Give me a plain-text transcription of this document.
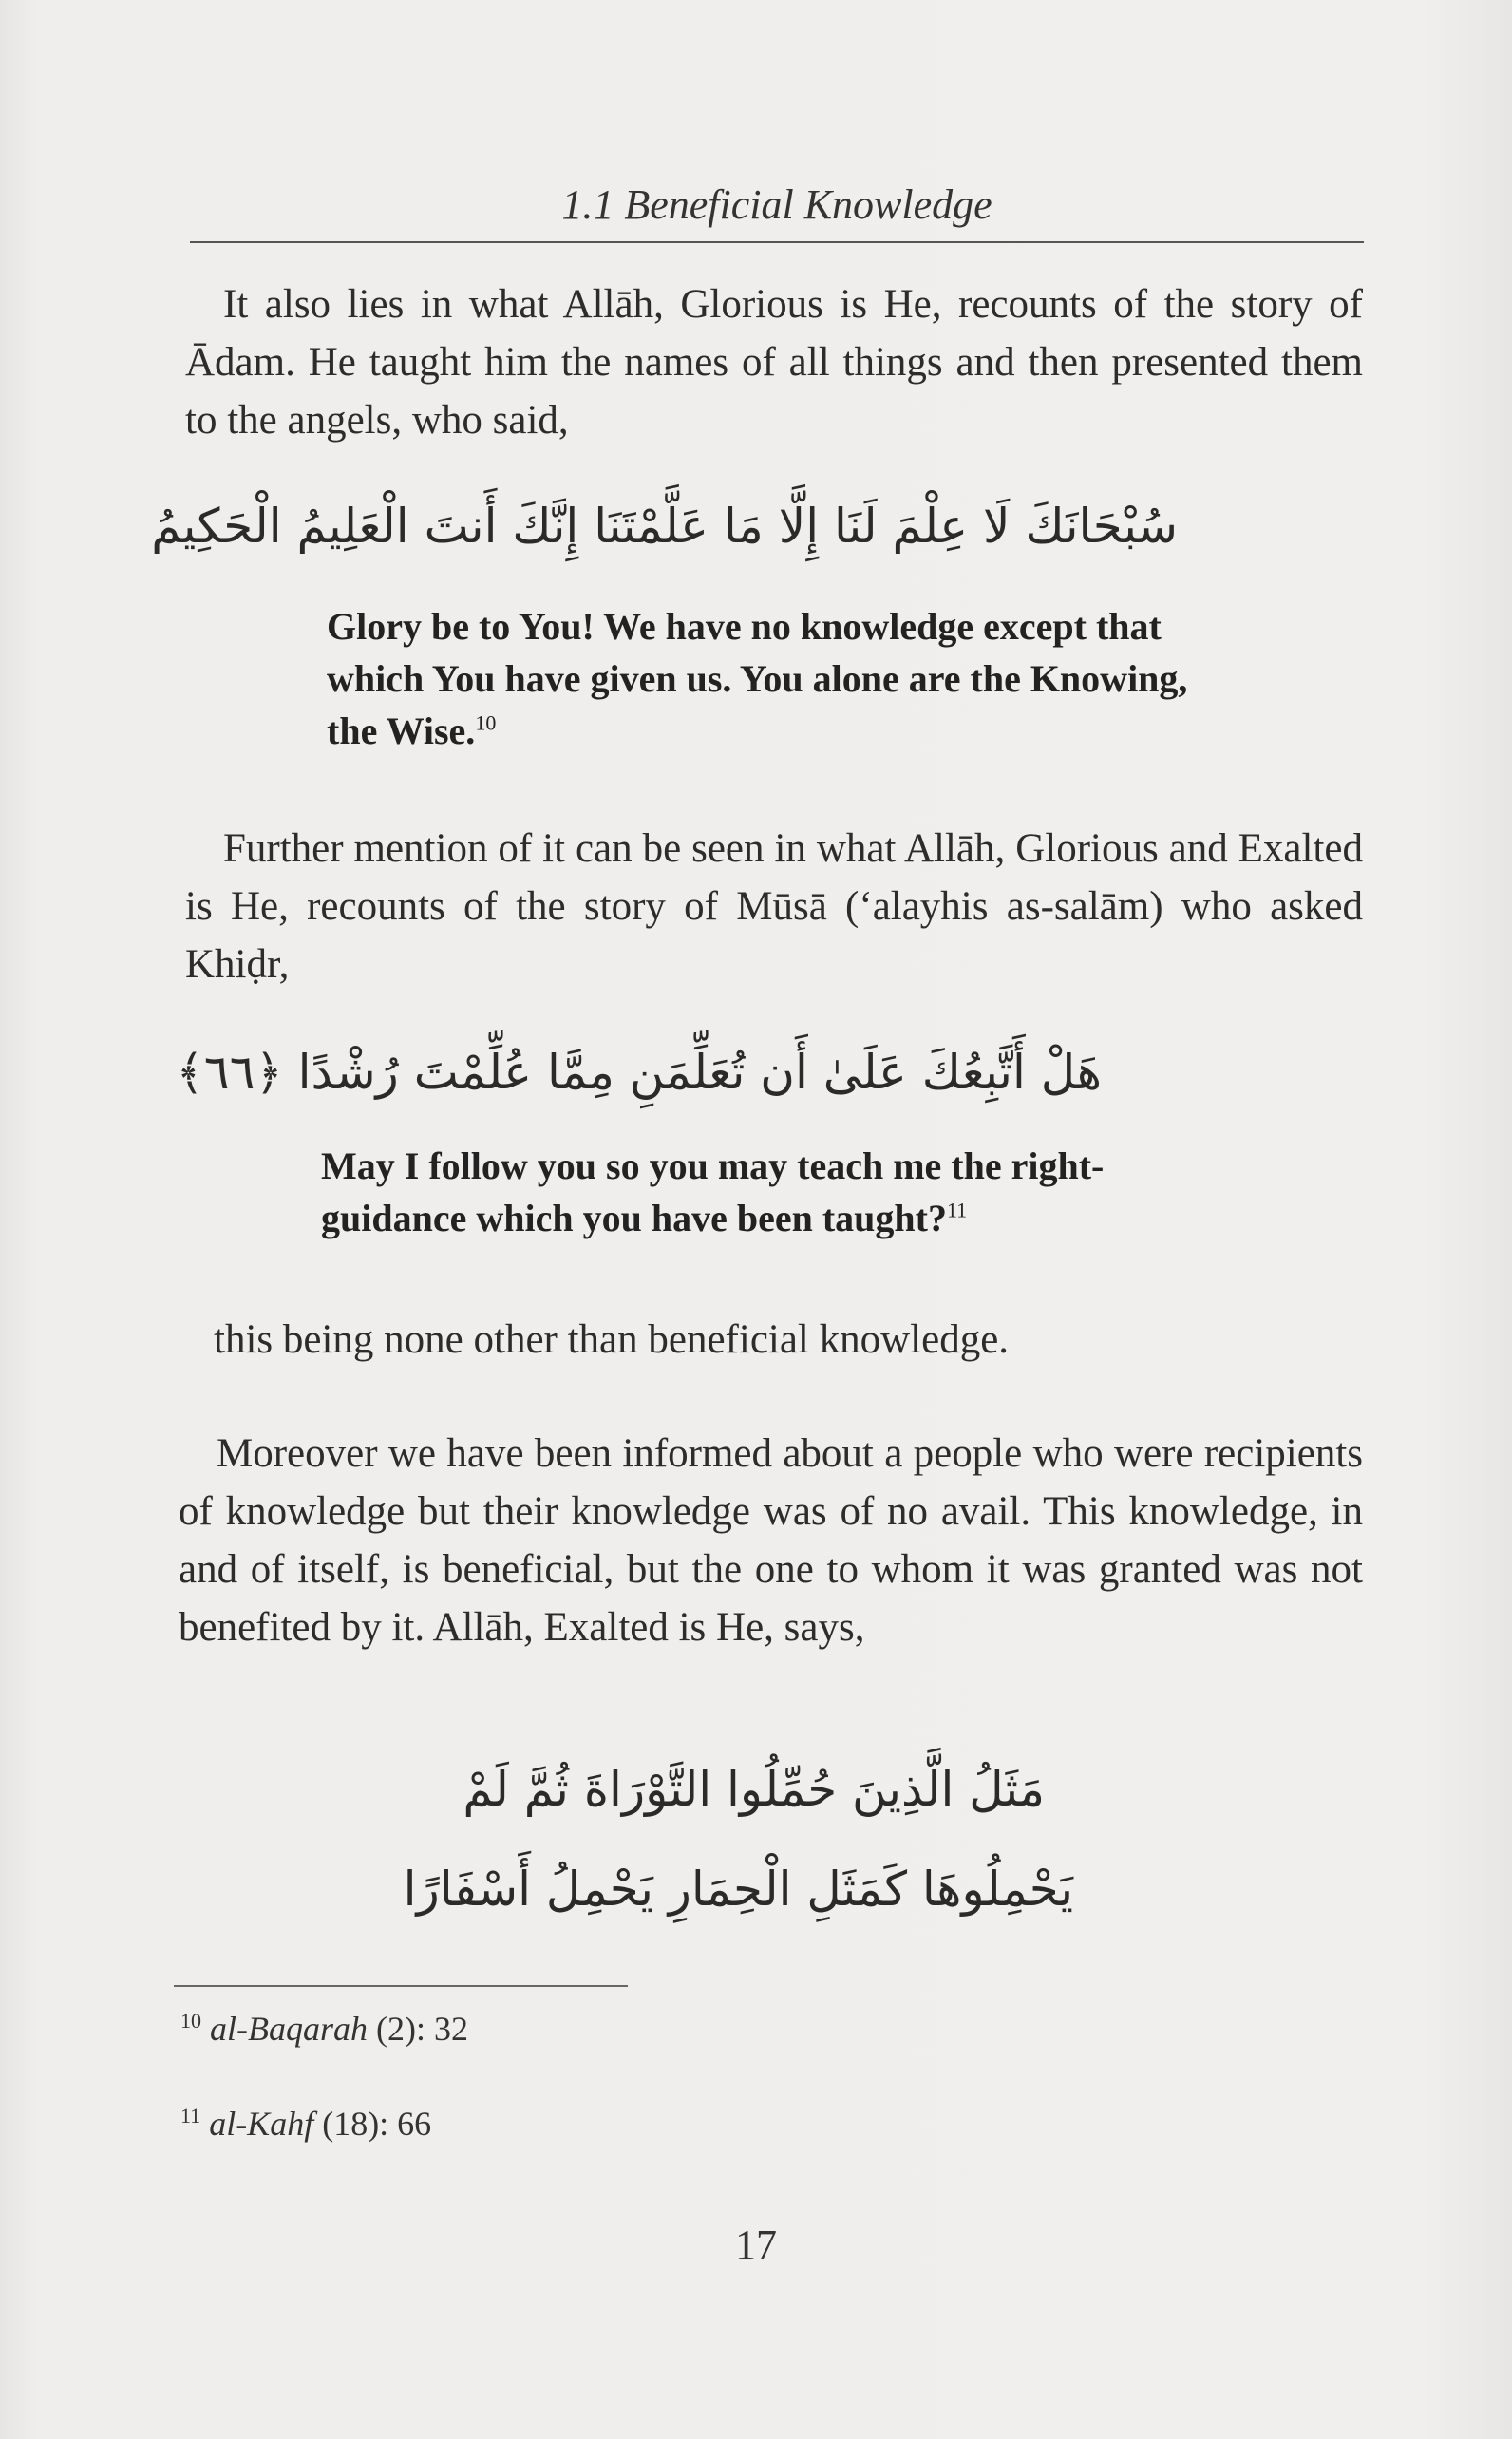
1.1 Beneficial Knowledge

It also lies in what Allāh, Glorious is He, recounts of the story of Ādam. He taught him the names of all things and then presented them to the angels, who said,

سُبْحَانَكَ لَا عِلْمَ لَنَا إِلَّا مَا عَلَّمْتَنَا إِنَّكَ أَنتَ الْعَلِيمُ الْحَكِيمُ

Glory be to You! We have no knowledge except that which You have given us. You alone are the Knowing, the Wise.$^{10}$

Further mention of it can be seen in what Allāh, Glorious and Exalted is He, recounts of the story of Mūsā (‘alayhis as-salām) who asked Khiḍr,

هَلْ أَتَّبِعُكَ عَلَىٰ أَن تُعَلِّمَنِ مِمَّا عُلِّمْتَ رُشْدًا ﴿٦٦﴾

May I follow you so you may teach me the right-guidance which you have been taught?$^{11}$

this being none other than beneficial knowledge.

Moreover we have been informed about a people who were recipients of knowledge but their knowledge was of no avail. This knowledge, in and of itself, is beneficial, but the one to whom it was granted was not benefited by it. Allāh, Exalted is He, says,

مَثَلُ الَّذِينَ حُمِّلُوا التَّوْرَاةَ ثُمَّ لَمْ
يَحْمِلُوهَا كَمَثَلِ الْحِمَارِ يَحْمِلُ أَسْفَارًا
$^{10}$ al-Baqarah (2): 32
$^{11}$ al-Kahf (18): 66
17
